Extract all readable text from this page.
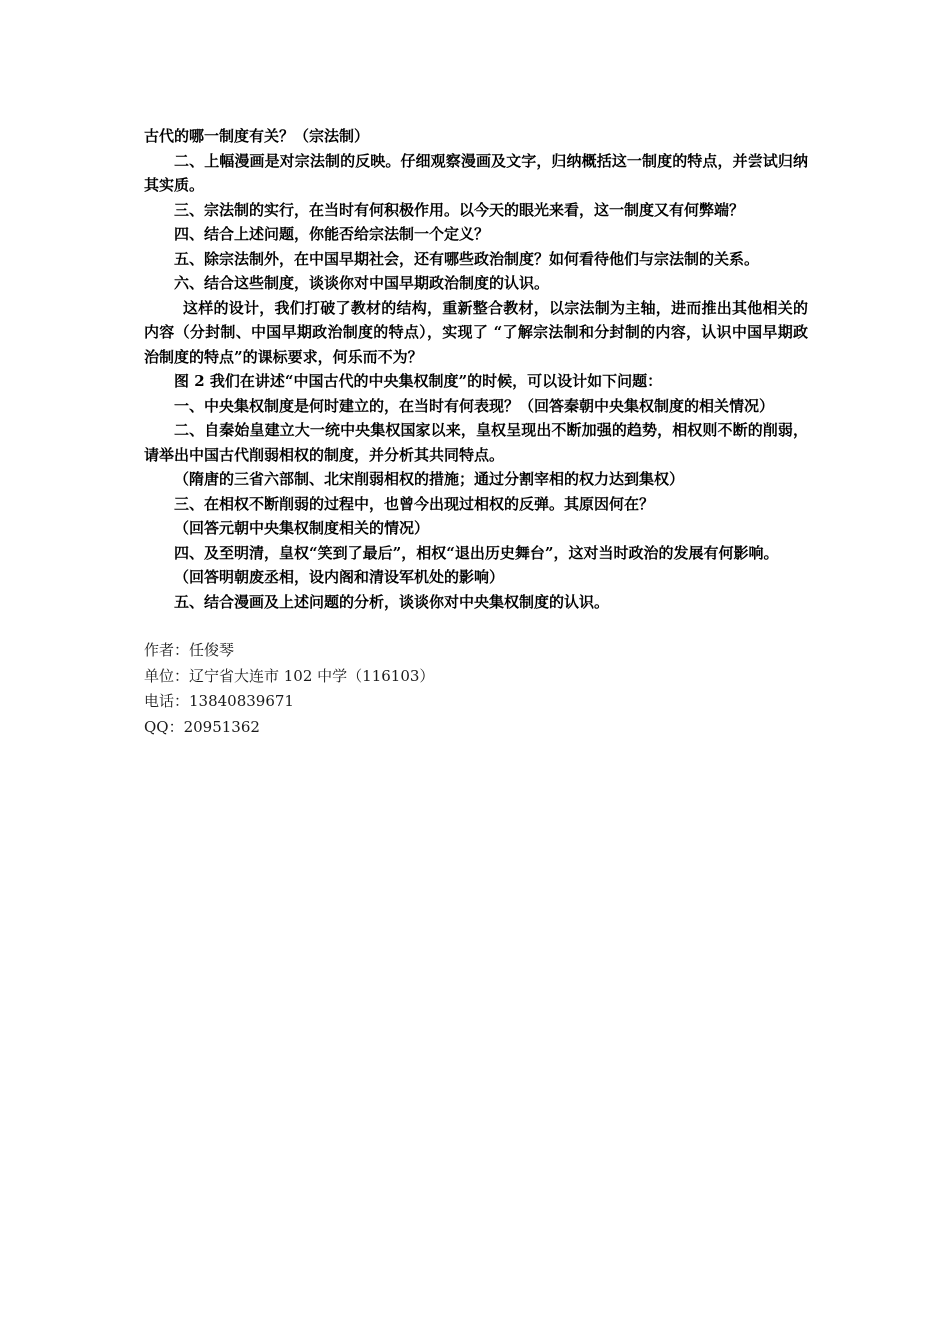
古代的哪一制度有关？（宗法制）

二、上幅漫画是对宗法制的反映。仔细观察漫画及文字，归纳概括这一制度的特点，并尝试归纳其实质。

三、宗法制的实行，在当时有何积极作用。以今天的眼光来看，这一制度又有何弊端？

四、结合上述问题，你能否给宗法制一个定义？

五、除宗法制外，在中国早期社会，还有哪些政治制度？如何看待他们与宗法制的关系。

六、结合这些制度，谈谈你对中国早期政治制度的认识。

这样的设计，我们打破了教材的结构，重新整合教材，以宗法制为主轴，进而推出其他相关的内容（分封制、中国早期政治制度的特点），实现了 “了解宗法制和分封制的内容，认识中国早期政治制度的特点”的课标要求，何乐而不为？

图 2 我们在讲述“中国古代的中央集权制度”的时候，可以设计如下问题：

一、中央集权制度是何时建立的，在当时有何表现？（回答秦朝中央集权制度的相关情况）

二、自秦始皇建立大一统中央集权国家以来，皇权呈现出不断加强的趋势，相权则不断的削弱，请举出中国古代削弱相权的制度，并分析其共同特点。

（隋唐的三省六部制、北宋削弱相权的措施；通过分割宰相的权力达到集权）

三、在相权不断削弱的过程中，也曾今出现过相权的反弹。其原因何在？

（回答元朝中央集权制度相关的情况）

四、及至明清，皇权“笑到了最后”，相权“退出历史舞台”，这对当时政治的发展有何影响。

（回答明朝废丞相，设内阁和清设军机处的影响）

五、结合漫画及上述问题的分析，谈谈你对中央集权制度的认识。

作者：任俊琴

单位：辽宁省大连市 102 中学（116103）

电话：13840839671

QQ：20951362
